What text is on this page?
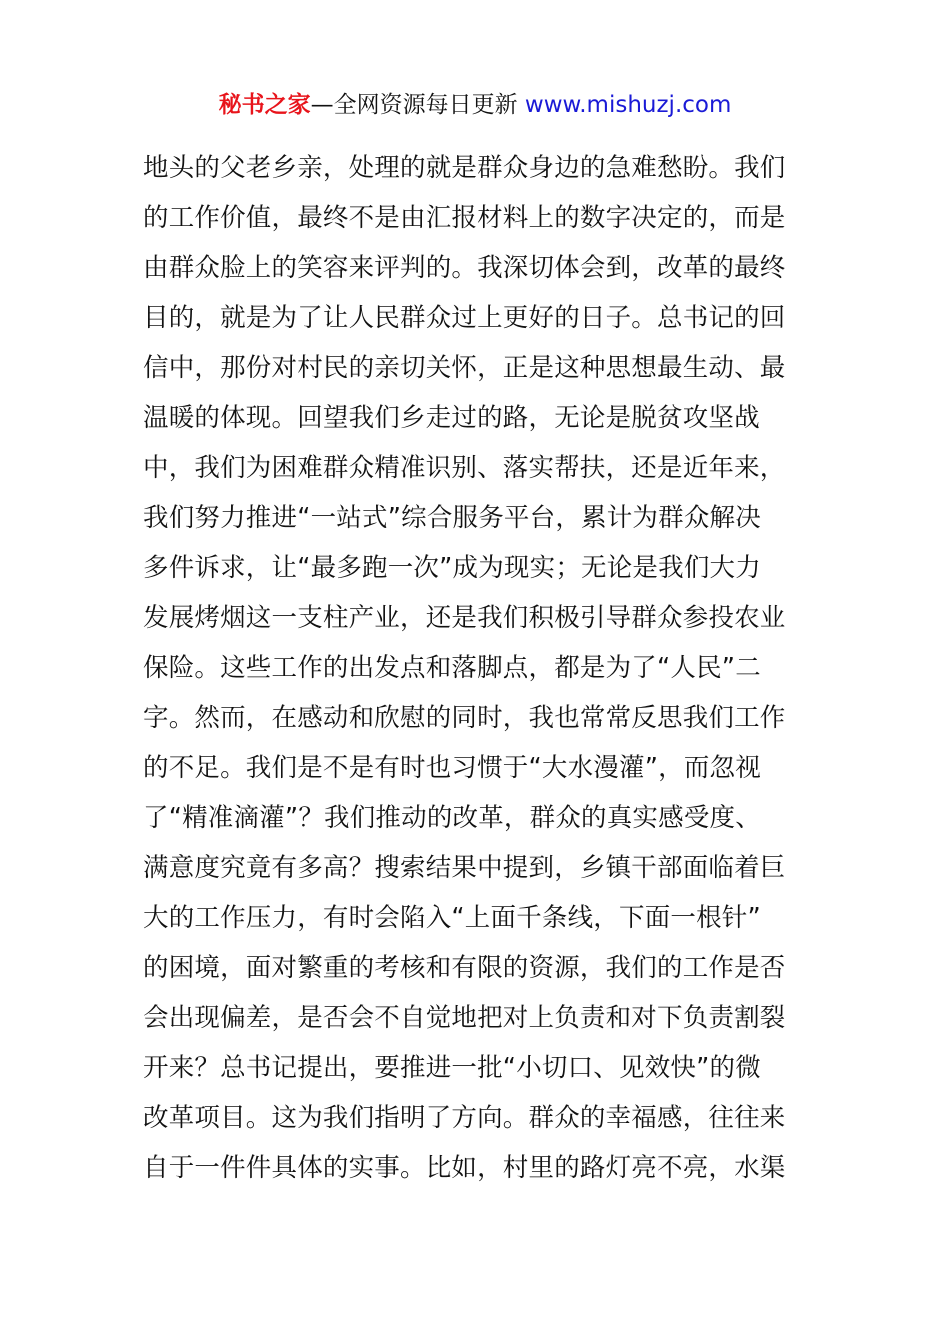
秘书之家—全网资源每日更新 www.mishuzj.com
地头的父老乡亲，处理的就是群众身边的急难愁盼。我们
的工作价值，最终不是由汇报材料上的数字决定的，而是
由群众脸上的笑容来评判的。我深切体会到，改革的最终
目的，就是为了让人民群众过上更好的日子。总书记的回
信中，那份对村民的亲切关怀，正是这种思想最生动、最
温暖的体现。回望我们乡走过的路，无论是脱贫攻坚战
中，我们为困难群众精准识别、落实帮扶，还是近年来，
我们努力推进“一站式”综合服务平台，累计为群众解决
多件诉求，让“最多跑一次”成为现实；无论是我们大力
发展烤烟这一支柱产业，还是我们积极引导群众参投农业
保险。这些工作的出发点和落脚点，都是为了“人民”二
字。然而，在感动和欣慰的同时，我也常常反思我们工作
的不足。我们是不是有时也习惯于“大水漫灌”，而忽视
了“精准滴灌”？我们推动的改革，群众的真实感受度、
满意度究竟有多高？搜索结果中提到，乡镇干部面临着巨
大的工作压力，有时会陷入“上面千条线，下面一根针”
的困境，面对繁重的考核和有限的资源，我们的工作是否
会出现偏差，是否会不自觉地把对上负责和对下负责割裂
开来？总书记提出，要推进一批“小切口、见效快”的微
改革项目。这为我们指明了方向。群众的幸福感，往往来
自于一件件具体的实事。比如，村里的路灯亮不亮，水渠
